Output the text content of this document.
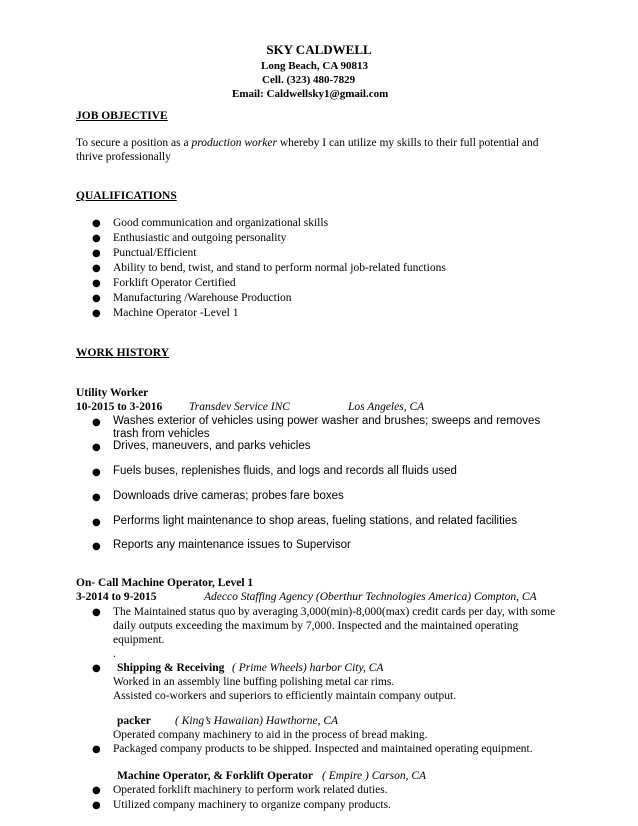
SKY CALDWELL
Long Beach, CA 90813
Cell. (323) 480-7829
Email: Caldwellsky1@gmail.com
JOB OBJECTIVE
To secure a position as a production worker whereby I can utilize my skills to their full potential and
thrive professionally
QUALIFICATIONS
● Good communication and organizational skills
● Enthusiastic and outgoing personality
● Punctual/Efficient
● Ability to bend, twist, and stand to perform normal job-related functions
● Forklift Operator Certified
● Manufacturing /Warehouse Production
● Machine Operator -Level 1
WORK HISTORY
Utility Worker
10-2015 to 3-2016 Transdev Service INC	Los Angeles, CA
● Washes exterior of vehicles using power washer and brushes; sweeps and removes
trash from vehicles
● Drives, maneuvers, and parks vehicles
● Fuels buses, replenishes fluids, and logs and records all fluids used
● Downloads drive cameras; probes fare boxes
● Performs light maintenance to shop areas, fueling stations, and related facilities
● Reports any maintenance issues to Supervisor
On- Call Machine Operator, Level 1
3-2014 to 9-2015	Adecco Staffing Agency (Oberthur Technologies America) Compton, CA
● The Maintained status quo by averaging 3,000(min)-8,000(max) credit cards per day, with some
daily outputs exceeding the maximum by 7,000. Inspected and the maintained operating
equipment.
.
● Shipping & Receiving ( Prime Wheels) harbor City, CA
Worked in an assembly line buffing polishing metal car rims.
Assisted co-workers and superiors to efficiently maintain company output.
packer ( King’s Hawaiian) Hawthorne, CA
Operated company machinery to aid in the process of bread making.
● Packaged company products to be shipped. Inspected and maintained operating equipment.
Machine Operator, & Forklift Operator ( Empire ) Carson, CA
● Operated forklift machinery to perform work related duties.
● Utilized company machinery to organize company products.
